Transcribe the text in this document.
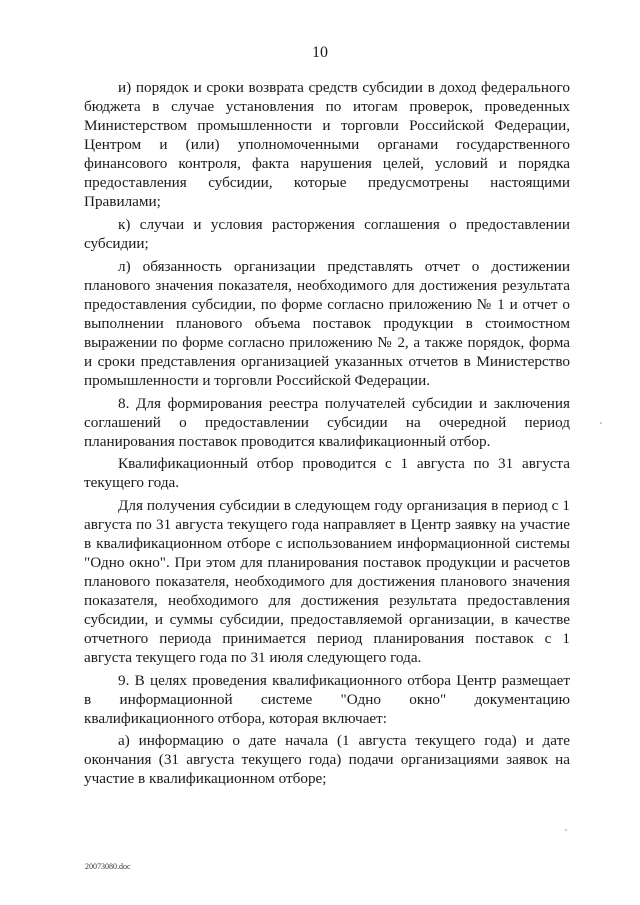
10

и) порядок и сроки возврата средств субсидии в доход федерального бюджета в случае установления по итогам проверок, проведенных Министерством промышленности и торговли Российской Федерации, Центром и (или) уполномоченными органами государственного финансового контроля, факта нарушения целей, условий и порядка предоставления субсидии, которые предусмотрены настоящими Правилами;

к) случаи и условия расторжения соглашения о предоставлении субсидии;

л) обязанность организации представлять отчет о достижении планового значения показателя, необходимого для достижения результата предоставления субсидии, по форме согласно приложению № 1 и отчет о выполнении планового объема поставок продукции в стоимостном выражении по форме согласно приложению № 2, а также порядок, форма и сроки представления организацией указанных отчетов в Министерство промышленности и торговли Российской Федерации.

8. Для формирования реестра получателей субсидии и заключения соглашений о предоставлении субсидии на очередной период планирования поставок проводится квалификационный отбор.

Квалификационный отбор проводится с 1 августа по 31 августа текущего года.

Для получения субсидии в следующем году организация в период с 1 августа по 31 августа текущего года направляет в Центр заявку на участие в квалификационном отборе с использованием информационной системы "Одно окно". При этом для планирования поставок продукции и расчетов планового показателя, необходимого для достижения планового значения показателя, необходимого для достижения результата предоставления субсидии, и суммы субсидии, предоставляемой организации, в качестве отчетного периода принимается период планирования поставок с 1 августа текущего года по 31 июля следующего года.

9. В целях проведения квалификационного отбора Центр размещает в информационной системе "Одно окно" документацию квалификационного отбора, которая включает:

а) информацию о дате начала (1 августа текущего года) и дате окончания (31 августа текущего года) подачи организациями заявок на участие в квалификационном отборе;

20073080.doc
